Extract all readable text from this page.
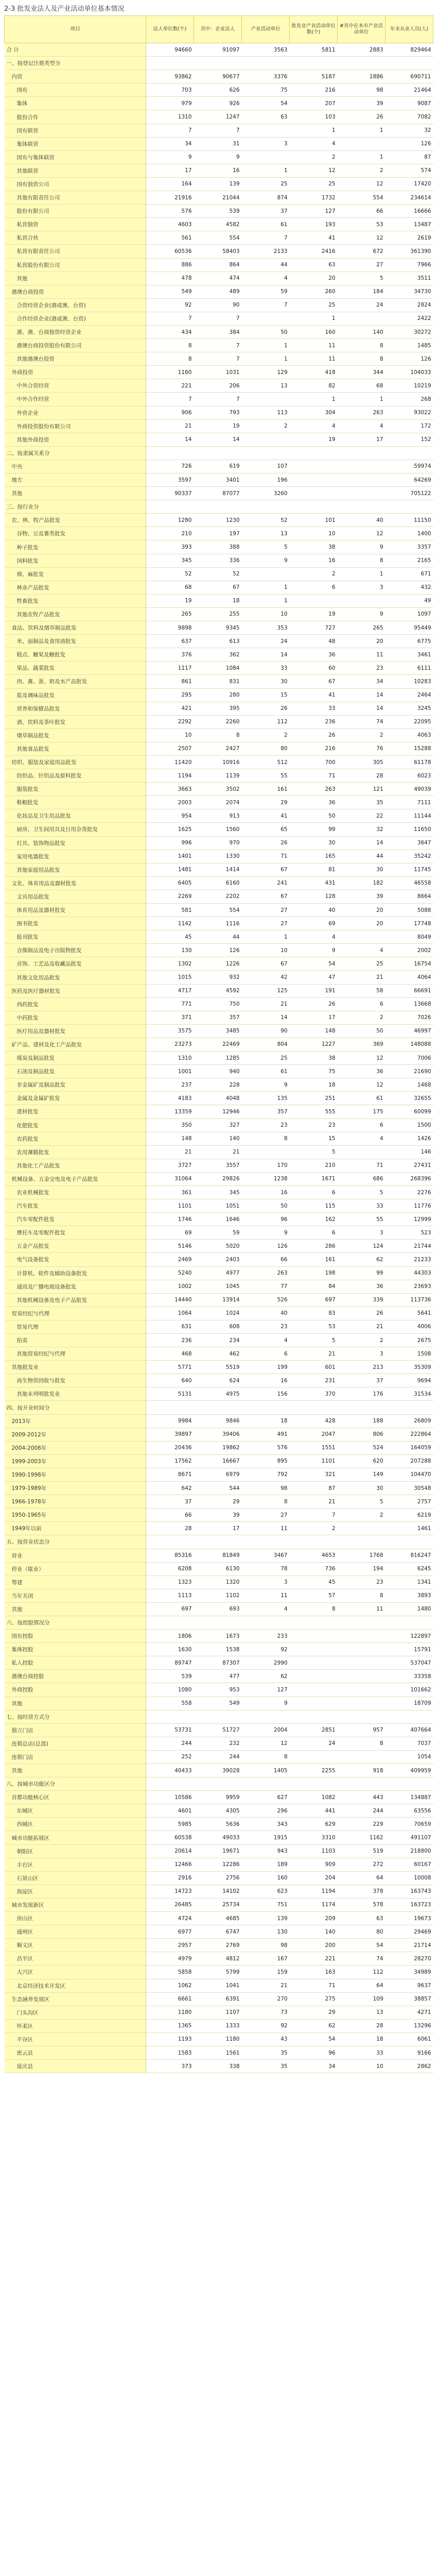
2-3 批发业法人及产业活动单位基本情况
项目	法人单位数(个)	其中：企业法人	产业活动单位	批发业产业活动单位数(个)	#其中在本市产业活动单位	年末从业人员(人)
合 计	94660	91097	3563	5811	2883	829464
一、按登记注册类型分						
内资	93862	90677	3376	5187	1886	690711
国有	703	626	75	216	98	21464
集体	979	926	54	207	39	9087
股份合作	1310	1247	63	103	26	7082
国有联营	7	7		1	1	32
集体联营	34	31	3	4		126
国有与集体联营	9	9		2	1	87
其他联营	17	16	1	12	2	574
国有独资公司	164	139	25	25	12	17420
其他有限责任公司	21916	21044	874	1732	554	234614
股份有限公司	576	539	37	127	66	16666
私营独资	4603	4582	61	193	53	13487
私营合伙	561	554	7	41	12	2619
私营有限责任公司	60536	58403	2133	2416	672	361390
私营股份有限公司	886	864	44	63	27	7966
其他	478	474	4	20	5	3511
港澳台商投资	549	489	59	260	184	34730
合资经营企业(港或澳、台资)	92	90	7	25	24	2824
合作经营企业(港或澳、台资)	7	7		1		2422
港、澳、台商独资经营企业	434	384	50	160	140	30272
港澳台商投资股份有限公司	8	7	1	11	8	1485
其他港澳台投资	8	7	1	11	8	126
外商投资	1160	1031	129	418	344	104033
中外合资经营	221	206	13	82	68	10219
中外合作经营	7	7		1	1	268
外资企业	906	793	113	304	263	93022
外商投资股份有限公司	21	19	2	4	4	172
其他外商投资	14	14		19	17	152
二、按隶属关系分						
中央	726	619	107			59974
地方	3597	3401	196			64269
其他	90337	87077	3260			705122
三、按行业分						
农、林、牧产品批发	1280	1230	52	101	40	11150
谷物、豆及薯类批发	210	197	13	10	12	1400
种子批发	393	388	5	38	9	3357
饲料批发	345	336	9	16	8	2165
棉、麻批发	52	52		2	1	671
林业产品批发	68	67	1	6	3	432
牲畜批发	19	18	1			49
其他农牧产品批发	265	255	10	19	9	1097
食品、饮料及烟草制品批发	9898	9345	353	727	265	95449
米、面制品及食用油批发	637	613	24	48	20	6775
糕点、糖果及糖批发	376	362	14	36	11	3461
果品、蔬菜批发	1117	1084	33	60	23	6111
肉、禽、蛋、奶及水产品批发	861	831	30	67	34	10283
盐及调味品批发	295	280	15	41	14	2464
营养和保健品批发	421	395	26	33	14	3245
酒、饮料及茶叶批发	2292	2260	112	236	74	22095
烟草制品批发	10	8	2	26	2	4063
其他食品批发	2507	2427	80	216	76	15288
纺织、服装及家庭用品批发	11420	10916	512	700	305	61178
纺织品、针织品及原料批发	1194	1139	55	71	28	6023
服装批发	3663	3502	161	263	121	49039
鞋帽批发	2003	2074	29	36	35	7111
化妆品及卫生用品批发	954	913	41	50	22	11144
厨房、卫生间用具及日用杂货批发	1625	1560	65	99	32	11650
灯具、装饰物品批发	996	970	26	30	14	3647
家用电器批发	1401	1330	71	165	44	35242
其他家庭用品批发	1481	1414	67	81	30	11745
文化、体育用品及器材批发	6405	6160	241	431	182	46558
文具用品批发	2269	2202	67	128	39	8664
体育用品及器材批发	581	554	27	40	20	5088
图书批发	1142	1116	27	69	20	17748
报刊批发	45	44	1	4		8049
音像制品及电子出版物批发	130	126	10	9	4	2002
首饰、工艺品及收藏品批发	1302	1226	67	54	25	16754
其他文化用品批发	1015	932	42	47	21	4064
医药及医疗器材批发	4717	4592	125	191	58	66691
西药批发	771	750	21	26	6	13668
中药批发	371	357	14	17	2	7026
医疗用品及器材批发	3575	3485	90	148	50	46997
矿产品、建材及化工产品批发	23273	22469	804	1227	369	148088
煤炭及制品批发	1310	1285	25	38	12	7006
石油及制品批发	1001	940	61	75	36	21690
非金属矿及制品批发	237	228	9	18	12	1468
金属及金属矿批发	4183	4048	135	251	61	32655
建材批发	13359	12946	357	555	175	60099
化肥批发	350	327	23	23	6	1500
农药批发	148	140	8	15	4	1426
农用薄膜批发	21	21		5		146
其他化工产品批发	3727	3557	170	210	71	27431
机械设备、五金交电及电子产品批发	31064	29826	1238	1671	686	268396
农业机械批发	361	345	16	6	5	2276
汽车批发	1101	1051	50	115	33	11776
汽车零配件批发	1746	1646	96	162	55	12999
摩托车及零配件批发	69	59	9	6	3	523
五金产品批发	5146	5020	126	286	124	21744
电气设备批发	2469	2403	66	161	62	21233
计算机、软件及辅助设备批发	5240	4977	263	198	99	44303
通讯及广播电视设备批发	1002	1045	77	84	36	23693
其他机械设备及电子产品批发	14440	13914	526	697	339	113736
贸易经纪与代理	1064	1024	40	83	26	5641
贸易代理	631	608	23	53	21	4006
拍卖	236	234	4	5	2	2675
其他贸易经纪与代理	468	462	6	21	3	1508
其他批发业	5771	5519	199	601	213	35309
再生物资回收与批发	640	624	16	231	37	9694
其他未列明批发业	5131	4975	156	370	176	31534
四、按开业时间分						
2013年	9984	9846	18	428	188	26809
2009-2012年	39897	39406	491	2047	806	222864
2004-2008年	20436	19862	576	1551	524	164059
1999-2003年	17562	16667	895	1101	620	207288
1990-1998年	8671	6979	792	321	149	104470
1979-1989年	642	544	98	87	30	30548
1966-1978年	37	29	8	21	5	2757
1950-1965年	66	39	27	7	2	6219
1949年以前	28	17	11	2		1461
五、按营业状态分						
营业	85316	81849	3467	4653	1768	816247
停业（歇业）	6208	6130	78	736	194	6245
筹建	1323	1320	3	45	23	1341
当年关闭	1113	1102	11	57	8	3893
其他	697	693	4	8	11	1480
六、按控股情况分						
国有控股	1806	1673	233			122897
集体控股	1630	1538	92			15791
私人控股	89747	87307	2990			537047
港澳台商控股	539	477	62			33358
外商控股	1080	953	127			101662
其他	558	549	9			18709
七、按经营方式分						
独立门店	53731	51727	2004	2851	957	407664
连锁总店(总部)	244	232	12	24	8	7037
连锁门店	252	244	8			1054
其他	40433	39028	1405	2255	918	409959
八、按城市功能区分						
首都功能核心区	10586	9959	627	1082	443	134887
东城区	4601	4305	296	441	244	63556
西城区	5985	5636	343	629	229	70659
城市功能拓展区	60538	49033	1915	3310	1162	491107
朝阳区	20614	19671	943	1103	519	218800
丰台区	12466	12286	189	909	272	60167
石景山区	2916	2756	160	204	64	10008
海淀区	14723	14102	623	1194	378	163743
城市发展新区	26485	25734	751	1174	578	163723
房山区	4724	4685	139	209	63	19673
通州区	6977	6747	130	140	80	29469
顺义区	2957	2769	98	200	54	21714
昌平区	4979	4812	167	221	74	28270
大兴区	5858	5799	159	163	112	34989
北京经济技术开发区	1062	1041	21	71	64	9637
生态涵养发展区	6661	6391	270	275	109	38857
门头沟区	1180	1107	73	29	13	4271
怀柔区	1365	1333	92	62	28	13296
平谷区	1193	1180	43	54	18	6061
密云县	1583	1561	35	96	33	9166
延庆县	373	338	35	34	10	2862
